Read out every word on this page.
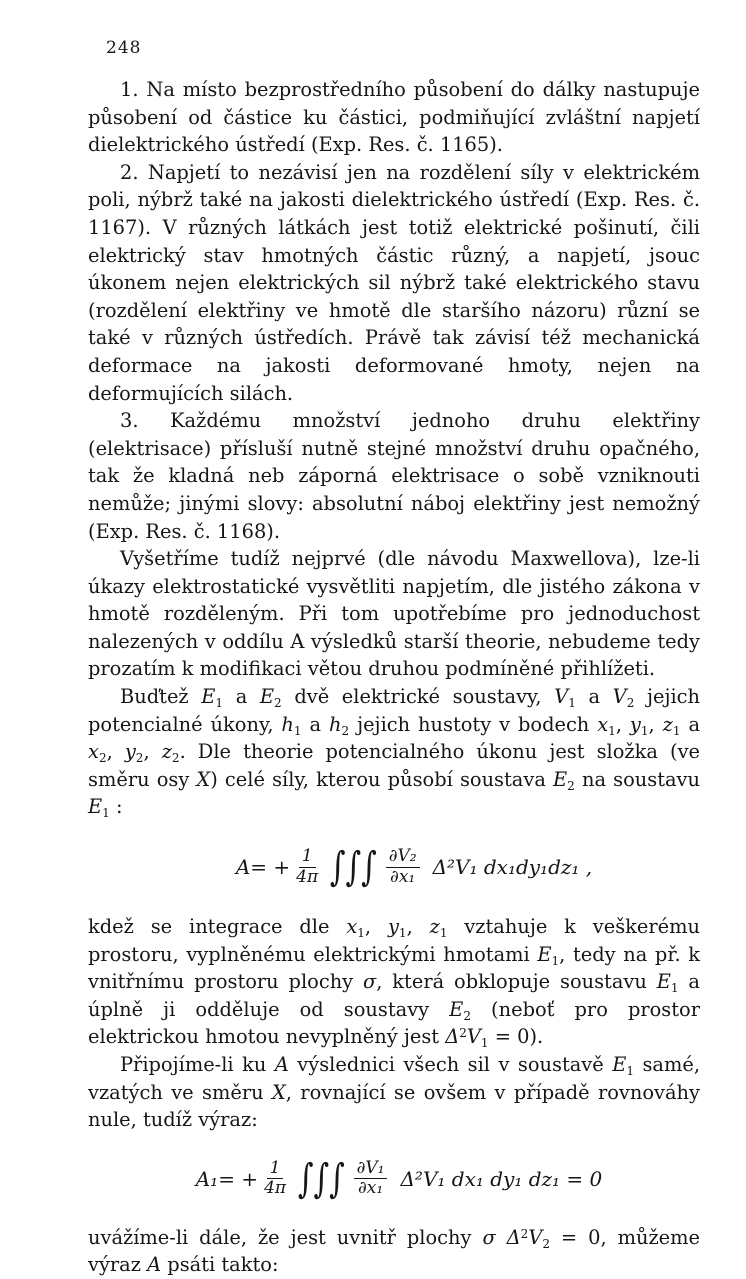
248

1. Na místo bezprostředního působení do dálky nastupuje působení od částice ku částici, podmiňující zvláštní napjetí dielektrického ústředí (Exp. Res. č. 1165).

2. Napjetí to nezávisí jen na rozdělení síly v elektrickém poli, nýbrž také na jakosti dielektrického ústředí (Exp. Res. č. 1167). V různých látkách jest totiž elektrické pošinutí, čili elektrický stav hmotných částic různý, a napjetí, jsouc úkonem nejen elektrických sil nýbrž také elektrického stavu (rozdělení elektřiny ve hmotě dle staršího názoru) různí se také v různých ústředích. Právě tak závisí též mechanická deformace na jakosti deformované hmoty, nejen na deformujících silách.

3. Každému množství jednoho druhu elektřiny (elektrisace) přísluší nutně stejné množství druhu opačného, tak že kladná neb záporná elektrisace o sobě vzniknouti nemůže; jinými slovy: absolutní náboj elektřiny jest nemožný (Exp. Res. č. 1168).

Vyšetříme tudíž nejprvé (dle návodu Maxwellova), lze-li úkazy elektrostatické vysvětliti napjetím, dle jistého zákona v hmotě rozděleným. Při tom upotřebíme pro jednoduchost nalezených v oddílu A výsledků starší theorie, nebudeme tedy prozatím k modifikaci větou druhou podmíněné přihlížeti.

Buďtež $E_1$ a $E_2$ dvě elektrické soustavy, $V_1$ a $V_2$ jejich potencialné úkony, $h_1$ a $h_2$ jejich hustoty v bodech $x_1$, $y_1$, $z_1$ a $x_2$, $y_2$, $z_2$. Dle theorie potencialného úkonu jest složka (ve směru osy X) celé síly, kterou působí soustava $E_2$ na soustavu $E_1$ :

A = + $\frac{1}{4\pi}$ ∫∫∫ $\frac{\text{∂V₂}}{\text{∂x₁}} \Delta^2V_1$ dx₁dy₁dz₁ ,

kdež se integrace dle $x_1$, $y_1$, $z_1$ vztahuje k veškerému prostoru, vyplněnému elektrickými hmotami $E_1$, tedy na př. k vnitřnímu prostoru plochy σ, která obklopuje soustavu $E_1$ a úplně ji odděluje od soustavy $E_2$ (neboť pro prostor elektrickou hmotou nevyplněný jest $\Delta^2V_1 = 0$).

Připojíme-li ku A výslednici všech sil v soustavě $E_1$ samé, vzatých ve směru X, rovnající se ovšem v případě rovnováhy nule, tudíž výraz:

A₁ = + $\frac{1}{4\pi}$ ∫∫∫ $\frac{\text{∂V₁}}{\text{∂x₁}} \Delta^2V_1$ dx₁ dy₁ dz₁ = 0

uvážíme-li dále, že jest uvnitř plochy σ $\Delta^2V_2 = 0$, můžeme výraz A psáti takto:
